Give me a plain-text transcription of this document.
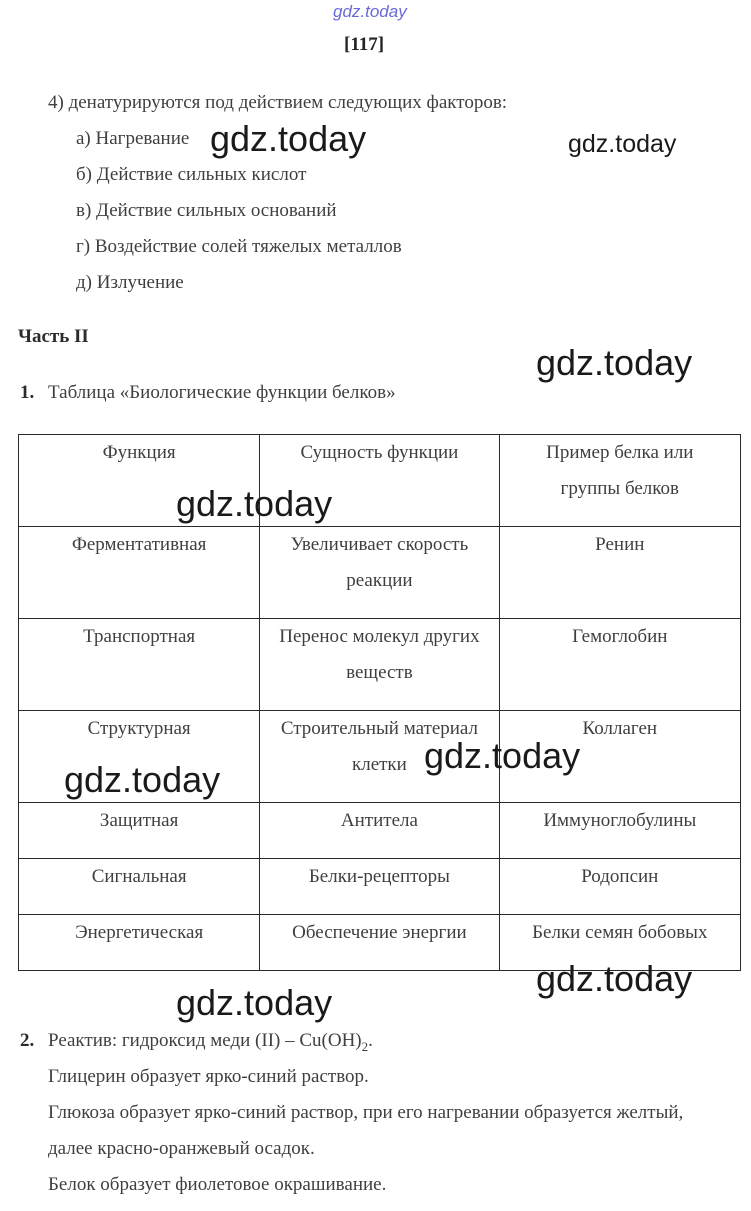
gdz.today
[117]
4) денатурируются под действием следующих факторов:
а) Нагревание
б) Действие сильных кислот
в) Действие сильных оснований
г) Воздействие солей тяжелых металлов
д) Излучение
Часть II
1. Таблица «Биологические функции белков»
Функция	Сущность функции	Пример белка или группы белков

Ферментативная	Увеличивает скорость реакции	Ренин

Транспортная	Перенос молекул других веществ	Гемоглобин

Структурная	Строительный материал клетки	Коллаген

Защитная	Антитела	Иммуноглобулины

Сигнальная	Белки-рецепторы	Родопсин

Энергетическая	Обеспечение энергии	Белки семян бобовых
2. Реактив: гидроксид меди $(II) - Cu(OH)_2$.
Глицерин образует ярко-синий раствор.
Глюкоза образует ярко-синий раствор, при его нагревании образуется желтый,
далее красно-оранжевый осадок.
Белок образует фиолетовое окрашивание.
gdz.today	gdz.today
gdz.today
gdz.today
gdz.today
gdz.today
gdz.today
gdz.today
